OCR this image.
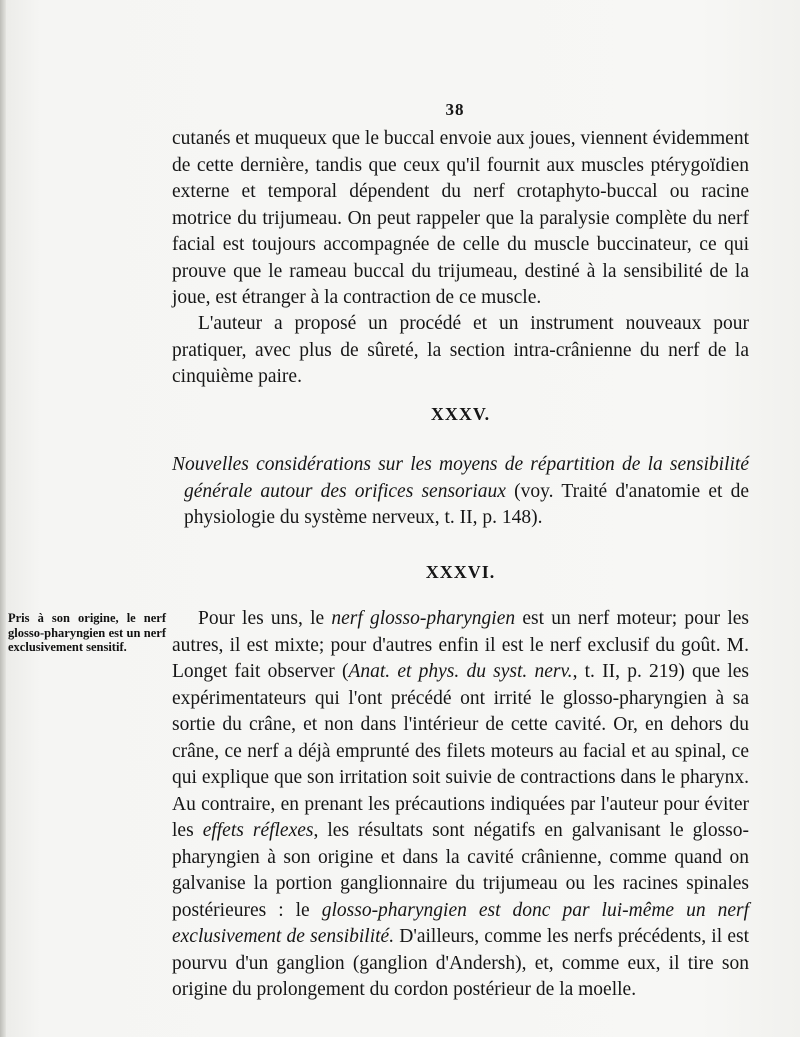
38

cutanés et muqueux que le buccal envoie aux joues, viennent évidemment de cette dernière, tandis que ceux qu'il fournit aux muscles ptérygoïdien externe et temporal dépendent du nerf crotaphyto-buccal ou racine motrice du trijumeau. On peut rappeler que la paralysie complète du nerf facial est toujours accompagnée de celle du muscle buccinateur, ce qui prouve que le rameau buccal du trijumeau, destiné à la sensibilité de la joue, est étranger à la contraction de ce muscle.

L'auteur a proposé un procédé et un instrument nouveaux pour pratiquer, avec plus de sûreté, la section intra-crânienne du nerf de la cinquième paire.

XXXV.

Nouvelles considérations sur les moyens de répartition de la sensibilité générale autour des orifices sensoriaux (voy. Traité d'anatomie et de physiologie du système nerveux, t. II, p. 148).

XXXVI.
Pris à son origine, le nerf glosso-pharyngien est un nerf exclusivement sensitif.

Pour les uns, le nerf glosso-pharyngien est un nerf moteur; pour les autres, il est mixte; pour d'autres enfin il est le nerf exclusif du goût. M. Longet fait observer (Anat. et phys. du syst. nerv., t. II, p. 219) que les expérimentateurs qui l'ont précédé ont irrité le glosso-pharyngien à sa sortie du crâne, et non dans l'intérieur de cette cavité. Or, en dehors du crâne, ce nerf a déjà emprunté des filets moteurs au facial et au spinal, ce qui explique que son irritation soit suivie de contractions dans le pharynx. Au contraire, en prenant les précautions indiquées par l'auteur pour éviter les effets réflexes, les résultats sont négatifs en galvanisant le glosso-pharyngien à son origine et dans la cavité crânienne, comme quand on galvanise la portion ganglionnaire du trijumeau ou les racines spinales postérieures : le glosso-pharyngien est donc par lui-même un nerf exclusivement de sensibilité. D'ailleurs, comme les nerfs précédents, il est pourvu d'un ganglion (ganglion d'Andersh), et, comme eux, il tire son origine du prolongement du cordon postérieur de la moelle.
